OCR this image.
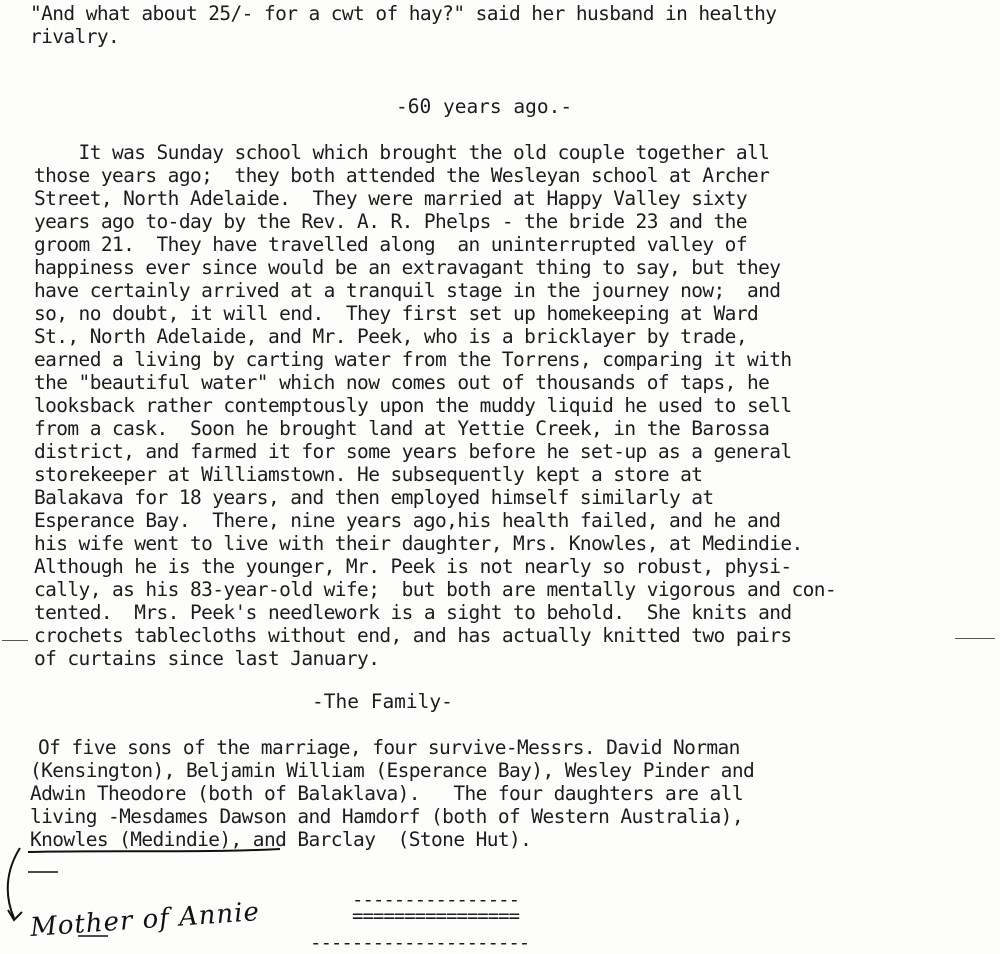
"And what about 25/- for a cwt of hay?" said her husband in healthy
rivalry.
-60 years ago.-
It was Sunday school which brought the old couple together all
those years ago;  they both attended the Wesleyan school at Archer
Street, North Adelaide.  They were married at Happy Valley sixty
years ago to-day by the Rev. A. R. Phelps - the bride 23 and the
groom 21.  They have travelled along  an uninterrupted valley of
happiness ever since would be an extravagant thing to say, but they
have certainly arrived at a tranquil stage in the journey now;  and
so, no doubt, it will end.  They first set up homekeeping at Ward
St., North Adelaide, and Mr. Peek, who is a bricklayer by trade,
earned a living by carting water from the Torrens, comparing it with
the "beautiful water" which now comes out of thousands of taps, he
looksback rather contemptously upon the muddy liquid he used to sell
from a cask.  Soon he brought land at Yettie Creek, in the Barossa
district, and farmed it for some years before he set-up as a general
storekeeper at Williamstown. He subsequently kept a store at
Balakava for 18 years, and then employed himself similarly at
Esperance Bay.  There, nine years ago,his health failed, and he and
his wife went to live with their daughter, Mrs. Knowles, at Medindie.
Although he is the younger, Mr. Peek is not nearly so robust, physi-
cally, as his 83-year-old wife;  but both are mentally vigorous and con-
tented.  Mrs. Peek's needlework is a sight to behold.  She knits and
crochets tablecloths without end, and has actually knitted two pairs
of curtains since last January.
-The Family-
Of five sons of the marriage, four survive-Messrs. David Norman
(Kensington), Beljamin William (Esperance Bay), Wesley Pinder and
Adwin Theodore (both of Balaklava).   The four daughters are all
living -Mesdames Dawson and Hamdorf (both of Western Australia),
Knowles (Medindie), and Barclay  (Stone Hut).
----------------
================
---------------------
Mother of Annie
